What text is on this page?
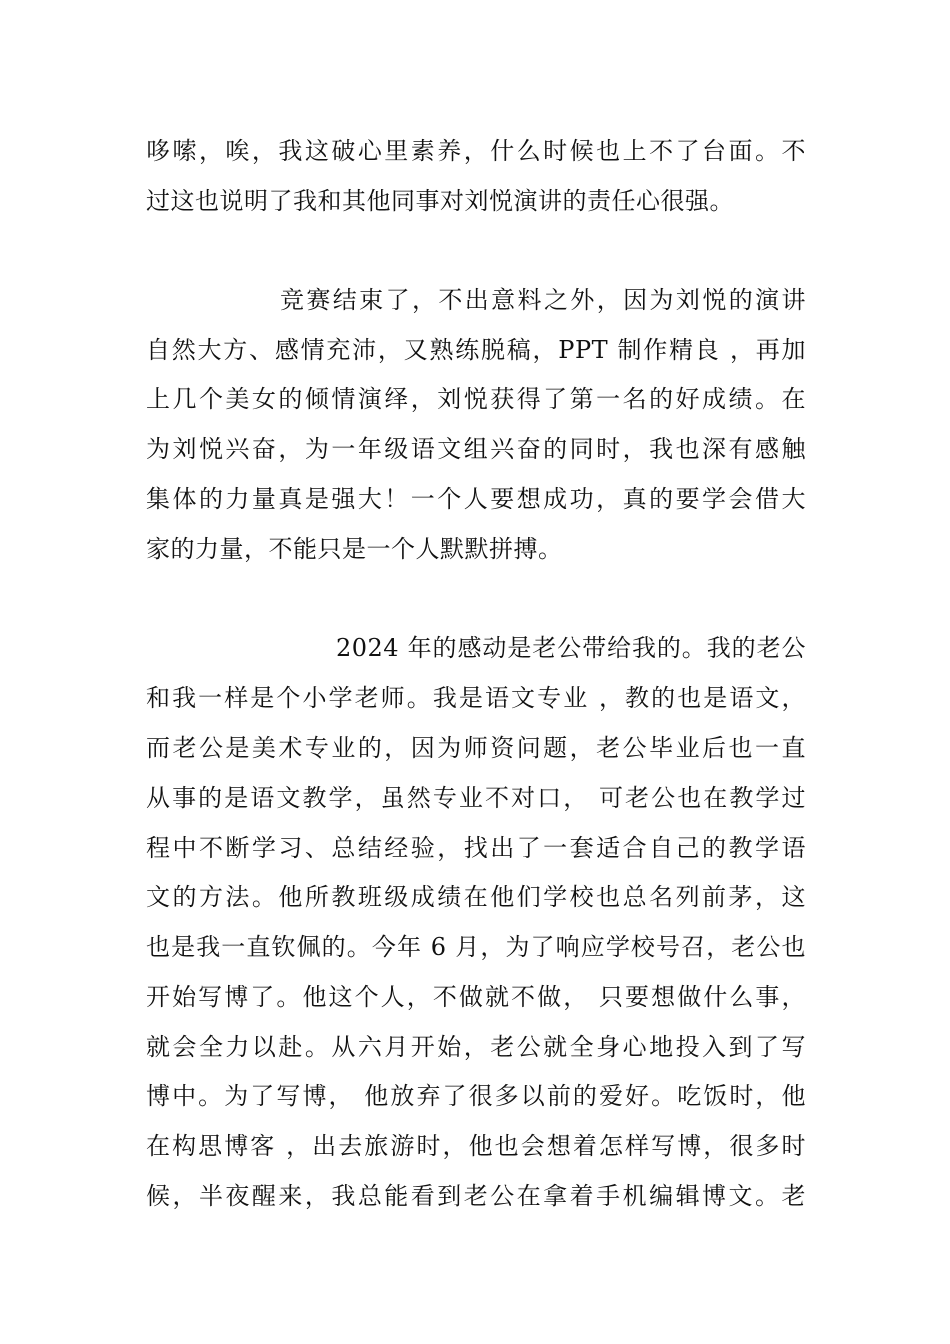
哆嗦，唉，我这破心里素养，什么时候也上不了台面。不
过这也说明了我和其他同事对刘悦演讲的责任心很强。
竞赛结束了，不出意料之外，因为刘悦的演讲
自然大方、感情充沛，又熟练脱稿，PPT 制作精良 ，再加
上几个美女的倾情演绎，刘悦获得了第一名的好成绩。在
为刘悦兴奋，为一年级语文组兴奋的同时，我也深有感触
集体的力量真是强大！一个人要想成功，真的要学会借大
家的力量，不能只是一个人默默拼搏。
2024 年的感动是老公带给我的。我的老公
和我一样是个小学老师。我是语文专业 ，教的也是语文，
而老公是美术专业的，因为师资问题，老公毕业后也一直
从事的是语文教学，虽然专业不对口， 可老公也在教学过
程中不断学习、总结经验，找出了一套适合自己的教学语
文的方法。他所教班级成绩在他们学校也总名列前茅，这
也是我一直钦佩的。今年 6 月，为了响应学校号召，老公也
开始写博了。他这个人，不做就不做， 只要想做什么事，
就会全力以赴。从六月开始，老公就全身心地投入到了写
博中。为了写博， 他放弃了很多以前的爱好。吃饭时，他
在构思博客 ，出去旅游时，他也会想着怎样写博，很多时
候，半夜醒来，我总能看到老公在拿着手机编辑博文。老
